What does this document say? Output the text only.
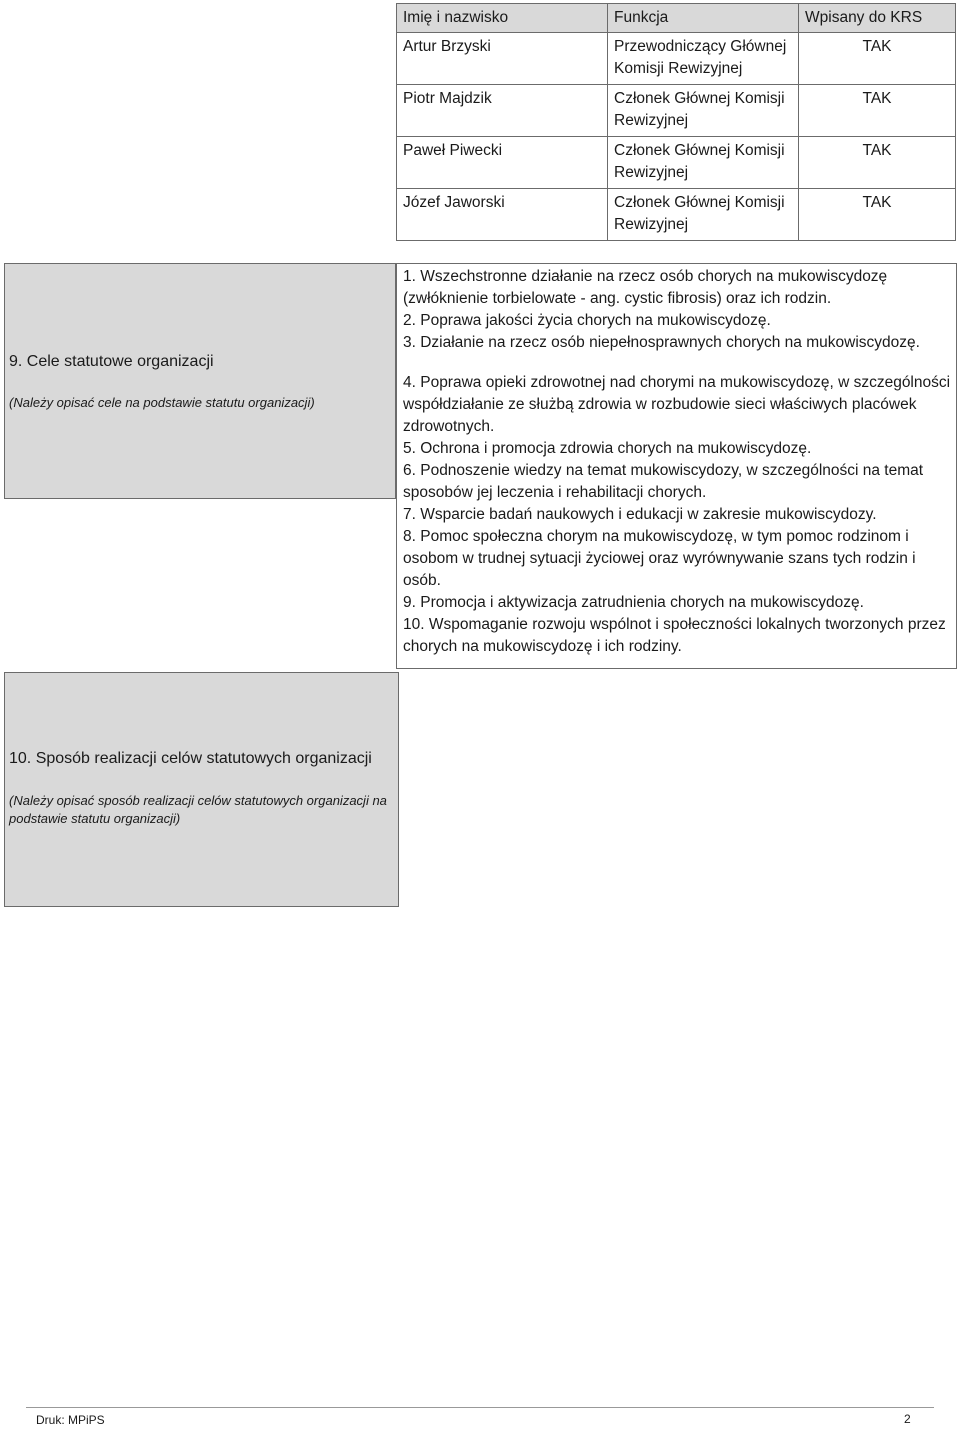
Imię i nazwisko	Funkcja	Wpisany do KRS
Artur Brzyski	Przewodniczący Głównej Komisji Rewizyjnej	TAK
Piotr Majdzik	Członek Głównej Komisji Rewizyjnej	TAK
Paweł Piwecki	Członek Głównej Komisji Rewizyjnej	TAK
Józef Jaworski	Członek Głównej Komisji Rewizyjnej	TAK
9. Cele statutowe organizacji
(Należy opisać cele na podstawie statutu organizacji)

1. Wszechstronne działanie na rzecz osób chorych na mukowiscydozę (zwłóknienie torbielowate - ang. cystic fibrosis) oraz ich rodzin.

2. Poprawa jakości życia chorych na mukowiscydozę.

3. Działanie na rzecz osób niepełnosprawnych chorych na mukowiscydozę.

4. Poprawa opieki zdrowotnej nad chorymi na mukowiscydozę, w szczególności współdziałanie ze służbą zdrowia w rozbudowie sieci właściwych placówek zdrowotnych.

5. Ochrona i promocja zdrowia chorych na mukowiscydozę.

6. Podnoszenie wiedzy na temat mukowiscydozy, w szczególności na temat sposobów jej leczenia i rehabilitacji chorych.

7. Wsparcie badań naukowych i edukacji w zakresie mukowiscydozy.

8. Pomoc społeczna chorym na mukowiscydozę, w tym pomoc rodzinom i osobom w trudnej sytuacji życiowej oraz wyrównywanie szans tych rodzin i osób.

9. Promocja i aktywizacja zatrudnienia chorych na mukowiscydozę.

10. Wspomaganie rozwoju wspólnot i społeczności lokalnych tworzonych przez chorych na mukowiscydozę i ich rodziny.

10. Sposób realizacji celów statutowych organizacji
(Należy opisać sposób realizacji celów statutowych organizacji na podstawie statutu organizacji)
Druk: MPiPS	2
